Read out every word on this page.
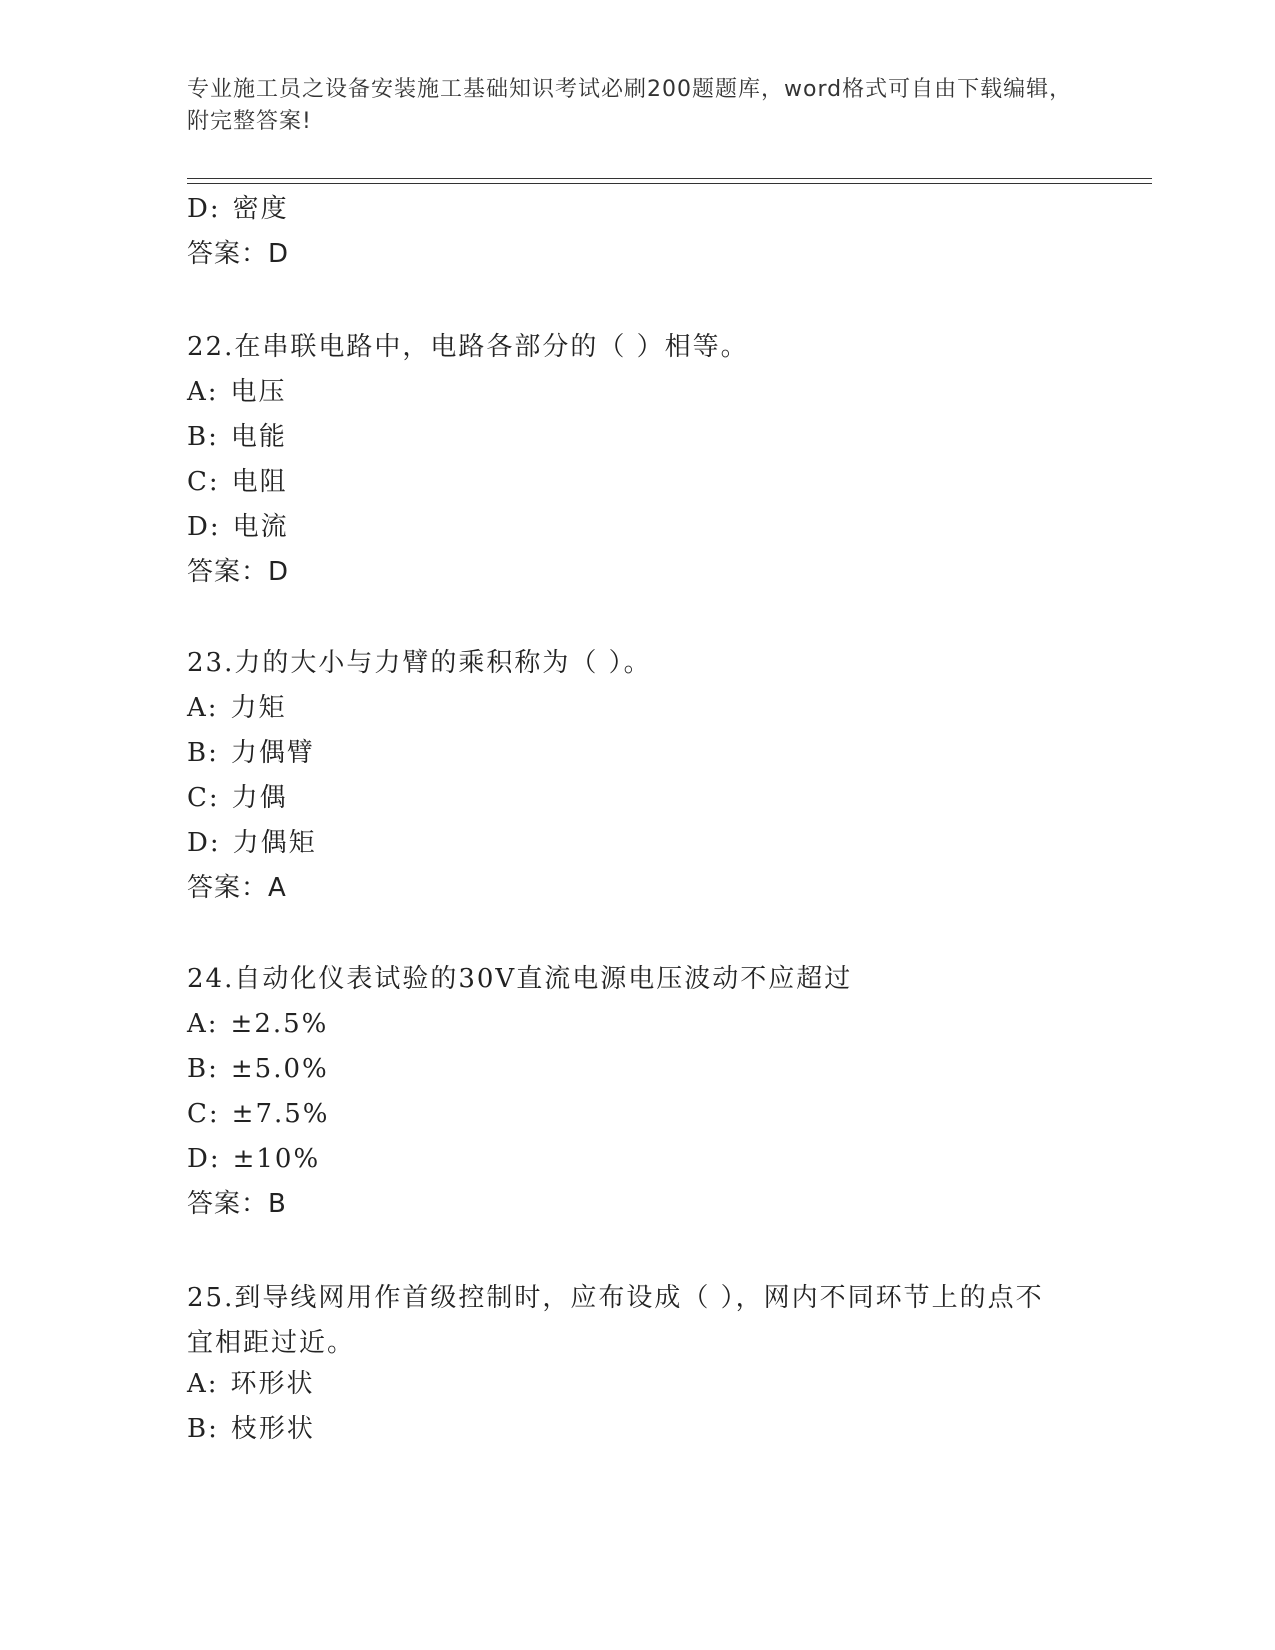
专业施工员之设备安装施工基础知识考试必刷200题题库，word格式可自由下载编辑，附完整答案!
D: 密度
答案：D
22.在串联电路中，电路各部分的（ ）相等。
A: 电压
B: 电能
C: 电阻
D: 电流
答案：D
23.力的大小与力臂的乘积称为（ ）。
A: 力矩
B: 力偶臂
C: 力偶
D: 力偶矩
答案：A
24.自动化仪表试验的30V直流电源电压波动不应超过
A: ±2.5%
B: ±5.0%
C: ±7.5%
D: ±10%
答案：B
25.到导线网用作首级控制时，应布设成（ ），网内不同环节上的点不宜相距过近。
A: 环形状
B: 枝形状
